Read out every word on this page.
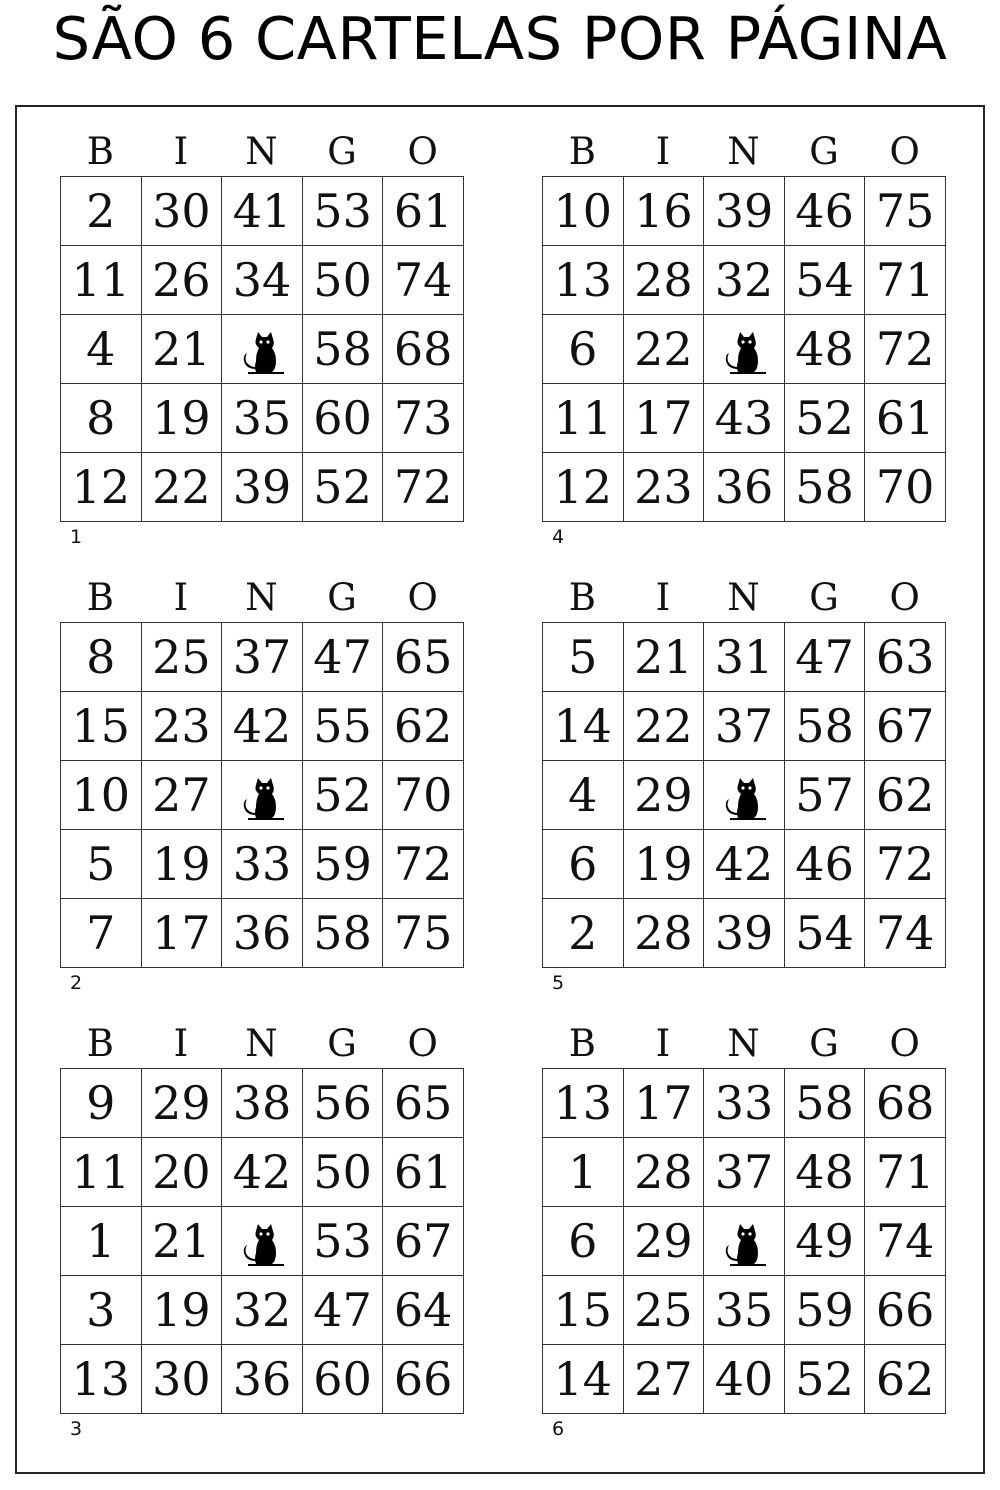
SÃO 6 CARTELAS POR PÁGINA
B	I	N	G	O
2	30	41	53	61
11	26	34	50	74
4	21		58	68
8	19	35	60	73
12	22	39	52	72
1
B	I	N	G	O
10	16	39	46	75
13	28	32	54	71
6	22		48	72
11	17	43	52	61
12	23	36	58	70
4
B	I	N	G	O
8	25	37	47	65
15	23	42	55	62
10	27		52	70
5	19	33	59	72
7	17	36	58	75
2
B	I	N	G	O
5	21	31	47	63
14	22	37	58	67
4	29		57	62
6	19	42	46	72
2	28	39	54	74
5
B	I	N	G	O
9	29	38	56	65
11	20	42	50	61
1	21		53	67
3	19	32	47	64
13	30	36	60	66
3
B	I	N	G	O
13	17	33	58	68
1	28	37	48	71
6	29		49	74
15	25	35	59	66
14	27	40	52	62
6
